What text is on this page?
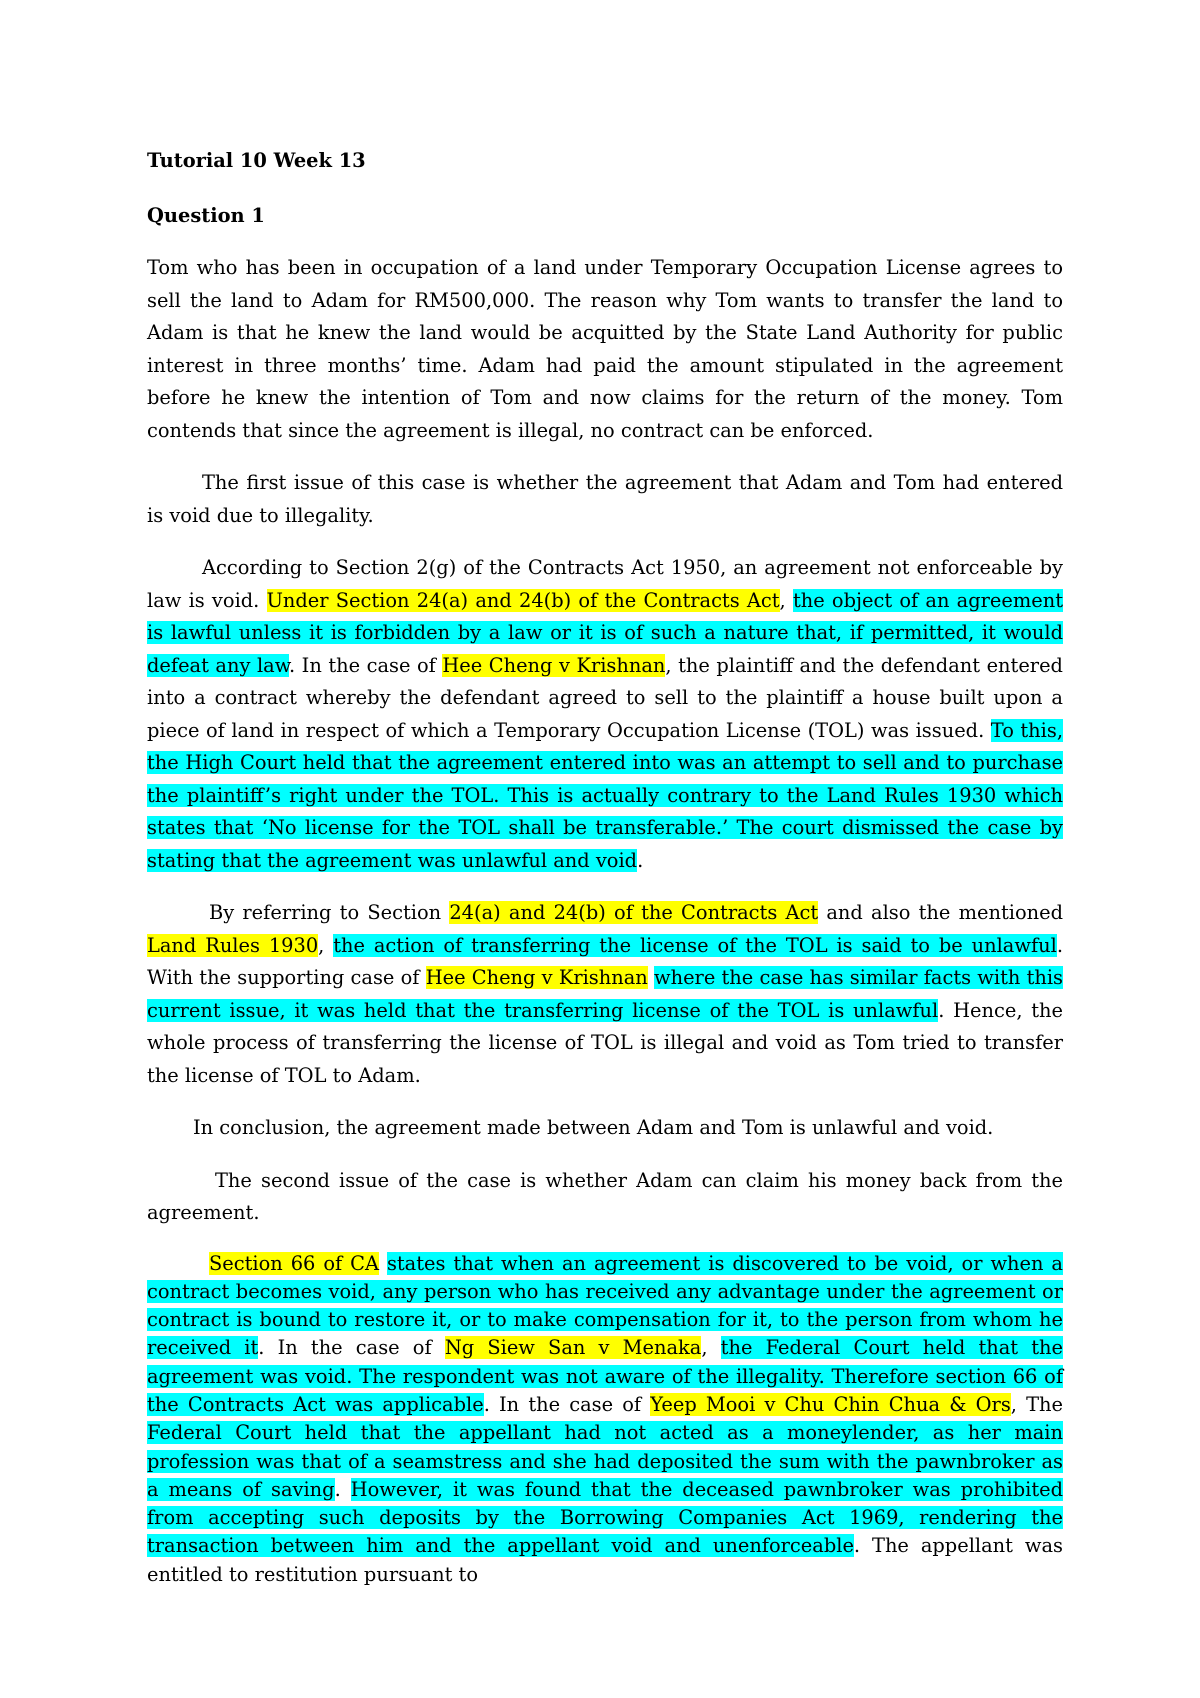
Tutorial 10 Week 13
Question 1

Tom who has been in occupation of a land under Temporary Occupation License agrees to sell the land to Adam for RM500,000. The reason why Tom wants to transfer the land to Adam is that he knew the land would be acquitted by the State Land Authority for public interest in three months’ time. Adam had paid the amount stipulated in the agreement before he knew the intention of Tom and now claims for the return of the money. Tom contends that since the agreement is illegal, no contract can be enforced.

The first issue of this case is whether the agreement that Adam and Tom had entered is void due to illegality.

According to Section 2(g) of the Contracts Act 1950, an agreement not enforceable by law is void. Under Section 24(a) and 24(b) of the Contracts Act, the object of an agreement is lawful unless it is forbidden by a law or it is of such a nature that, if permitted, it would defeat any law. In the case of Hee Cheng v Krishnan, the plaintiff and the defendant entered into a contract whereby the defendant agreed to sell to the plaintiff a house built upon a piece of land in respect of which a Temporary Occupation License (TOL) was issued. To this, the High Court held that the agreement entered into was an attempt to sell and to purchase the plaintiff’s right under the TOL. This is actually contrary to the Land Rules 1930 which states that ‘No license for the TOL shall be transferable.’ The court dismissed the case by stating that the agreement was unlawful and void.

By referring to Section 24(a) and 24(b) of the Contracts Act and also the mentioned Land Rules 1930, the action of transferring the license of the TOL is said to be unlawful. With the supporting case of Hee Cheng v Krishnan where the case has similar facts with this current issue, it was held that the transferring license of the TOL is unlawful. Hence, the whole process of transferring the license of TOL is illegal and void as Tom tried to transfer the license of TOL to Adam.

In conclusion, the agreement made between Adam and Tom is unlawful and void.

The second issue of the case is whether Adam can claim his money back from the agreement.

Section 66 of CA states that when an agreement is discovered to be void, or when a contract becomes void, any person who has received any advantage under the agreement or contract is bound to restore it, or to make compensation for it, to the person from whom he received it. In the case of Ng Siew San v Menaka, the Federal Court held that the agreement was void. The respondent was not aware of the illegality. Therefore section 66 of the Contracts Act was applicable. In the case of Yeep Mooi v Chu Chin Chua & Ors, The Federal Court held that the appellant had not acted as a moneylender, as her main profession was that of a seamstress and she had deposited the sum with the pawnbroker as a means of saving. However, it was found that the deceased pawnbroker was prohibited from accepting such deposits by the Borrowing Companies Act 1969, rendering the transaction between him and the appellant void and unenforceable. The appellant was entitled to restitution pursuant to
